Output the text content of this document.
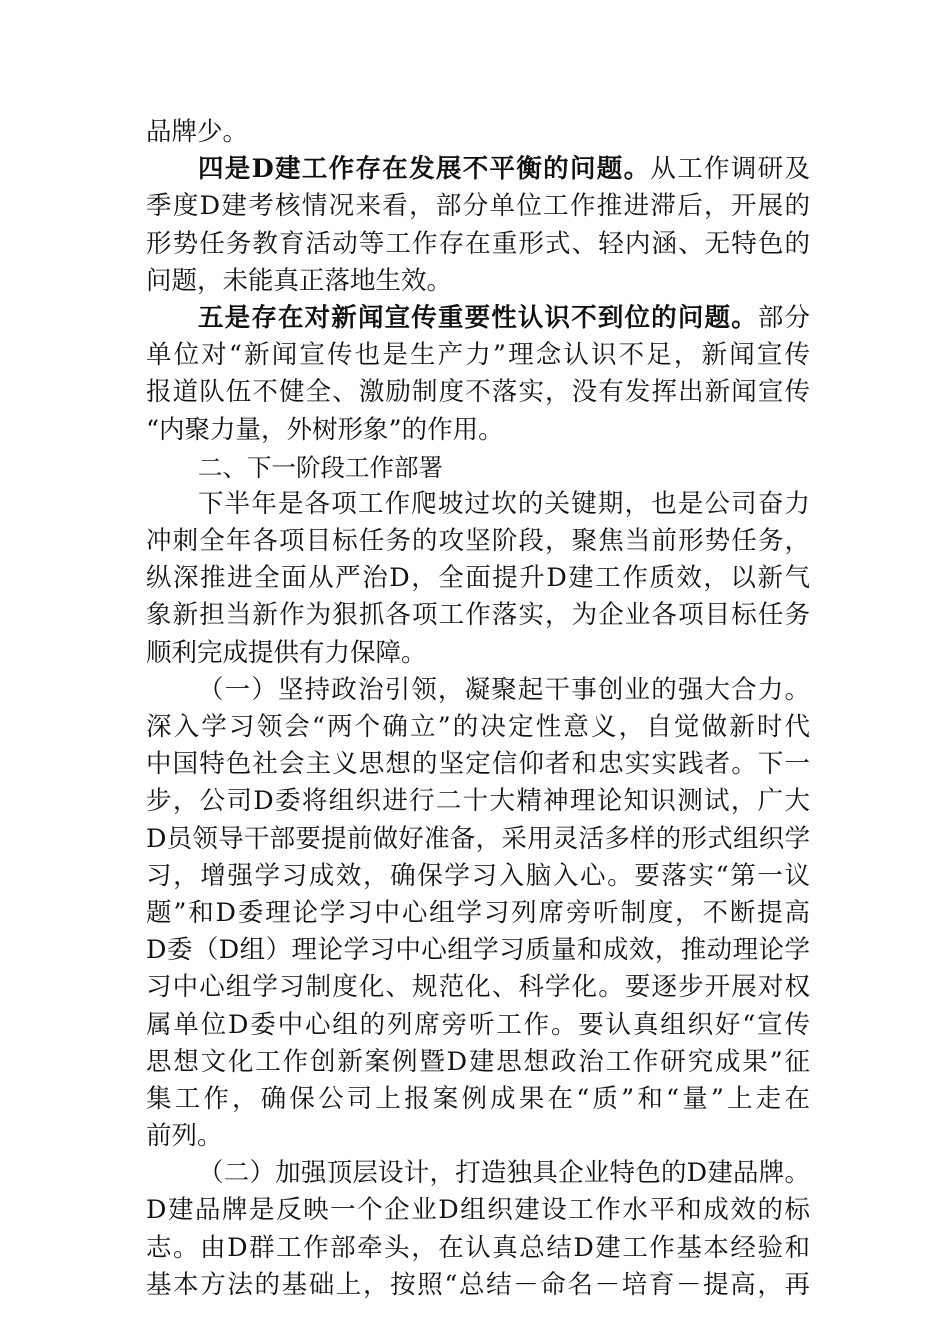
品牌少。
四是D建工作存在发展不平衡的问题。从工作调研及
季度D建考核情况来看，部分单位工作推进滞后，开展的
形势任务教育活动等工作存在重形式、轻内涵、无特色的
问题，未能真正落地生效。
五是存在对新闻宣传重要性认识不到位的问题。部分
单位对“新闻宣传也是生产力”理念认识不足，新闻宣传
报道队伍不健全、激励制度不落实，没有发挥出新闻宣传
“内聚力量，外树形象”的作用。
二、下一阶段工作部署
下半年是各项工作爬坡过坎的关键期，也是公司奋力
冲刺全年各项目标任务的攻坚阶段，聚焦当前形势任务，
纵深推进全面从严治D，全面提升D建工作质效，以新气
象新担当新作为狠抓各项工作落实，为企业各项目标任务
顺利完成提供有力保障。
（一）坚持政治引领，凝聚起干事创业的强大合力。
深入学习领会“两个确立”的决定性意义，自觉做新时代
中国特色社会主义思想的坚定信仰者和忠实实践者。下一
步，公司D委将组织进行二十大精神理论知识测试，广大
D员领导干部要提前做好准备，采用灵活多样的形式组织学
习，增强学习成效，确保学习入脑入心。要落实“第一议
题”和D委理论学习中心组学习列席旁听制度，不断提高
D委（D组）理论学习中心组学习质量和成效，推动理论学
习中心组学习制度化、规范化、科学化。要逐步开展对权
属单位D委中心组的列席旁听工作。要认真组织好“宣传
思想文化工作创新案例暨D建思想政治工作研究成果”征
集工作，确保公司上报案例成果在“质”和“量”上走在
前列。
（二）加强顶层设计，打造独具企业特色的D建品牌。
D建品牌是反映一个企业D组织建设工作水平和成效的标
志。由D群工作部牵头，在认真总结D建工作基本经验和
基本方法的基础上，按照“总结－命名－培育－提高，再
